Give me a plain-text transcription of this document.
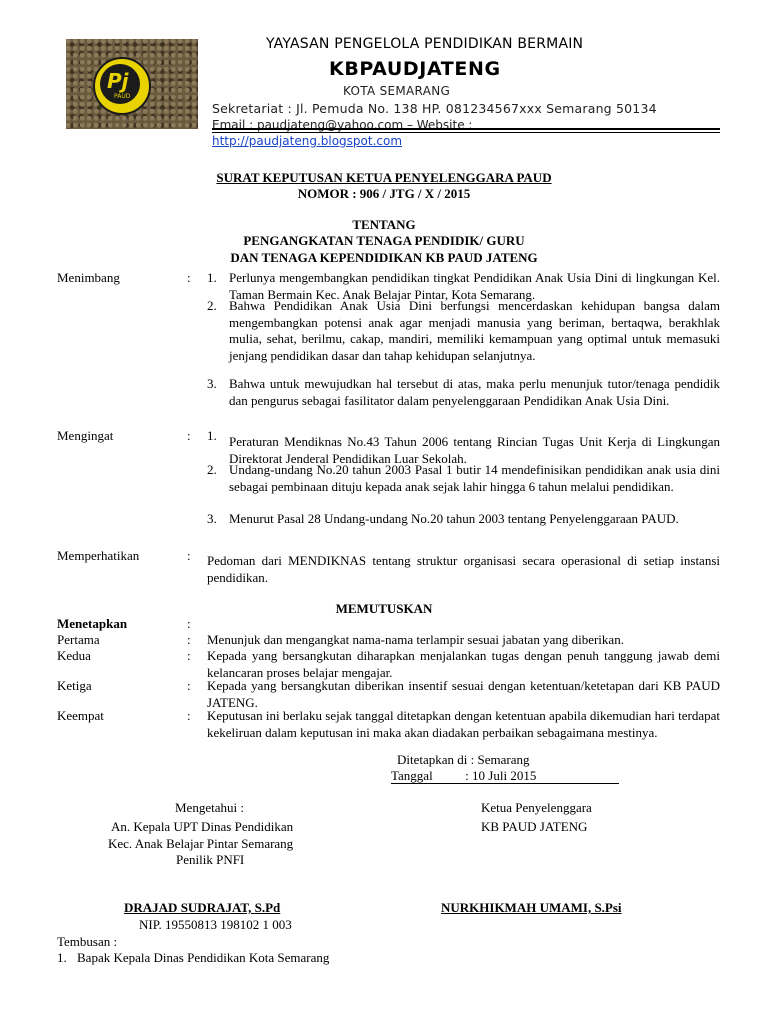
Pj
PAUD
YAYASAN PENGELOLA PENDIDIKAN BERMAIN
KBPAUDJATENG
KOTA SEMARANG
Sekretariat : Jl. Pemuda No. 138 HP. 081234567xxx Semarang 50134
Email : paudjateng@yahoo.com – Website :
http://paudjateng.blogspot.com
SURAT KEPUTUSAN KETUA PENYELENGGARA PAUD
NOMOR : 906 / JTG / X / 2015
TENTANG
PENGANGKATAN TENAGA PENDIDIK/ GURU
DAN TENAGA KEPENDIDIKAN KB PAUD JATENG
Menimbang	: 1. Perlunya mengembangkan pendidikan tingkat Pendidikan Anak Usia Dini di lingkungan Kel. Taman Bermain Kec. Anak Belajar Pintar, Kota Semarang.
2. Bahwa Pendidikan Anak Usia Dini berfungsi mencerdaskan kehidupan bangsa dalam mengembangkan potensi anak agar menjadi manusia yang beriman, bertaqwa, berakhlak mulia, sehat, berilmu, cakap, mandiri, memiliki kemampuan yang optimal untuk memasuki jenjang pendidikan dasar dan tahap kehidupan selanjutnya.
3. Bahwa untuk mewujudkan hal tersebut di atas, maka perlu menunjuk tutor/tenaga pendidik dan pengurus sebagai fasilitator dalam penyelenggaraan Pendidikan Anak Usia Dini.
Mengingat	: 1. Peraturan Mendiknas No.43 Tahun 2006 tentang Rincian Tugas Unit Kerja di Lingkungan Direktorat Jenderal Pendidikan Luar Sekolah.
2. Undang-undang No.20 tahun 2003 Pasal 1 butir 14 mendefinisikan pendidikan anak usia dini sebagai pembinaan dituju kepada anak sejak lahir hingga 6 tahun melalui pendidikan.
3. Menurut Pasal 28 Undang-undang No.20 tahun 2003 tentang Penyelenggaraan PAUD.
Memperhatikan	: Pedoman dari MENDIKNAS tentang struktur organisasi secara operasional di setiap instansi pendidikan.
MEMUTUSKAN
Menetapkan	:
Pertama	: Menunjuk dan mengangkat nama-nama terlampir sesuai jabatan yang diberikan.
Kedua	: Kepada yang bersangkutan diharapkan menjalankan tugas dengan penuh tanggung jawab demi kelancaran proses belajar mengajar.
Ketiga	: Kepada yang bersangkutan diberikan insentif sesuai dengan ketentuan/ketetapan dari KB PAUD JATENG.
Keempat	: Keputusan ini berlaku sejak tanggal ditetapkan dengan ketentuan apabila dikemudian hari terdapat kekeliruan dalam keputusan ini maka akan diadakan perbaikan sebagaimana mestinya.
Ditetapkan di : Semarang
Tanggal          : 10 Juli 2015
Mengetahui :
An. Kepala UPT Dinas Pendidikan
Kec. Anak Belajar Pintar Semarang
Penilik PNFI
Ketua Penyelenggara
KB PAUD JATENG
DRAJAD SUDRAJAT, S.Pd	NURKHIKMAH UMAMI, S.Psi
NIP. 19550813 198102 1 003
Tembusan :
1. Bapak Kepala Dinas Pendidikan Kota Semarang
